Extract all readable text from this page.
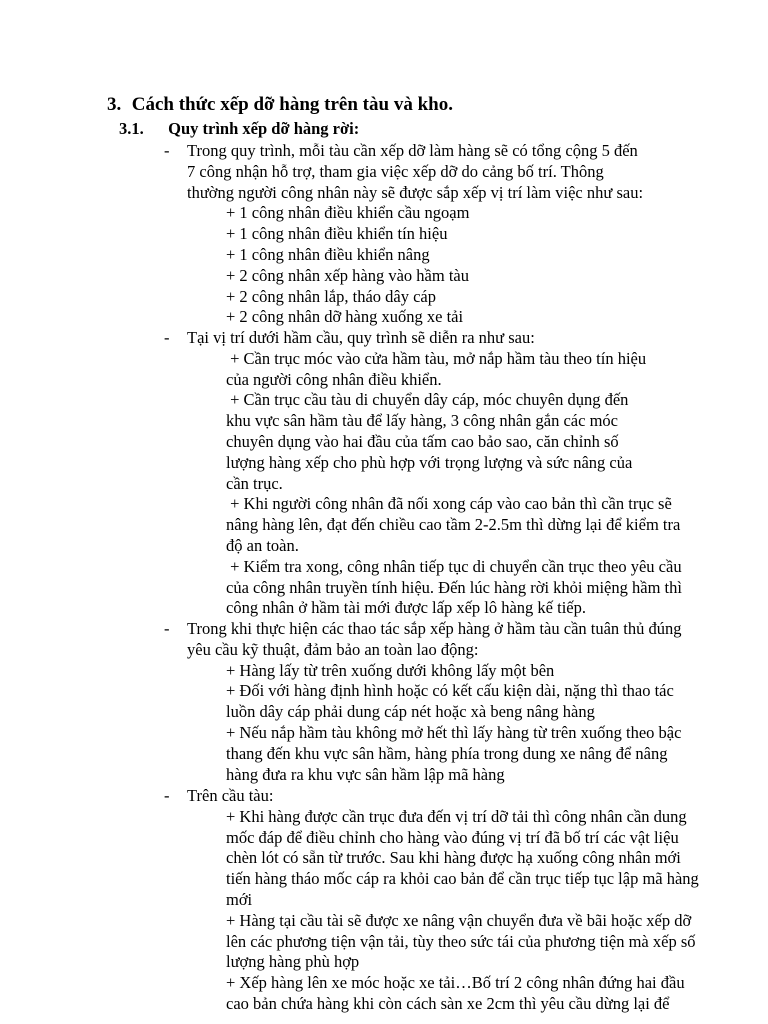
3. Cách thức xếp dỡ hàng trên tàu và kho.
3.1. Quy trình xếp dỡ hàng rời:
- Trong quy trình, mỗi tàu cần xếp dỡ làm hàng sẽ có tổng cộng 5 đến
7 công nhận hỗ trợ, tham gia việc xếp dỡ do cảng bố trí. Thông
thường người công nhân này sẽ được sắp xếp vị trí làm việc như sau:
+ 1 công nhân điều khiển cầu ngoạm
+ 1 công nhân điều khiển tín hiệu
+ 1 công nhân điều khiển nâng
+ 2 công nhân xếp hàng vào hầm tàu
+ 2 công nhân lắp, tháo dây cáp
+ 2 công nhân dỡ hàng xuống xe tải
- Tại vị trí dưới hầm cầu, quy trình sẽ diễn ra như sau:
+ Cần trục móc vào cửa hầm tàu, mở nắp hầm tàu theo tín hiệu
của người công nhân điều khiển.
+ Cần trục cầu tàu di chuyển dây cáp, móc chuyên dụng đến
khu vực sân hầm tàu để lấy hàng, 3 công nhân gắn các móc
chuyên dụng vào hai đầu của tấm cao bảo sao, căn chỉnh số
lượng hàng xếp cho phù hợp với trọng lượng và sức nâng của
cần trục.
+ Khi người công nhân đã nối xong cáp vào cao bản thì cần trục sẽ
nâng hàng lên, đạt đến chiều cao tầm 2-2.5m thì dừng lại để kiểm tra
độ an toàn.
+ Kiểm tra xong, công nhân tiếp tục di chuyển cần trục theo yêu cầu
của công nhân truyền tính hiệu. Đến lúc hàng rời khỏi miệng hầm thì
công nhân ở hầm tài mới được lấp xếp lô hàng kế tiếp.
- Trong khi thực hiện các thao tác sắp xếp hàng ở hầm tàu cần tuân thủ đúng
yêu cầu kỹ thuật, đảm bảo an toàn lao động:
+ Hàng lấy từ trên xuống dưới không lấy một bên
+ Đối với hàng định hình hoặc có kết cấu kiện dài, nặng thì thao tác
luồn dây cáp phải dung cáp nét hoặc xà beng nâng hàng
+ Nếu nắp hầm tàu không mở hết thì lấy hàng từ trên xuống theo bậc
thang đến khu vực sân hầm, hàng phía trong dung xe nâng để nâng
hàng đưa ra khu vực sân hầm lập mã hàng
- Trên cầu tàu:
+ Khi hàng được cần trục đưa đến vị trí dỡ tải thì công nhân cần dung
mốc đáp để điều chỉnh cho hàng vào đúng vị trí đã bố trí các vật liệu
chèn lót có sẵn từ trước. Sau khi hàng được hạ xuống công nhân mới
tiến hàng tháo mốc cáp ra khỏi cao bản để cần trục tiếp tục lập mã hàng
mới
+ Hàng tại cầu tài sẽ được xe nâng vận chuyển đưa về bãi hoặc xếp dỡ
lên các phương tiện vận tải, tùy theo sức tái của phương tiện mà xếp số
lượng hàng phù hợp
+ Xếp hàng lên xe móc hoặc xe tải…Bố trí 2 công nhân đứng hai đầu
cao bản chứa hàng khi còn cách sàn xe 2cm thì yêu cầu dừng lại để
